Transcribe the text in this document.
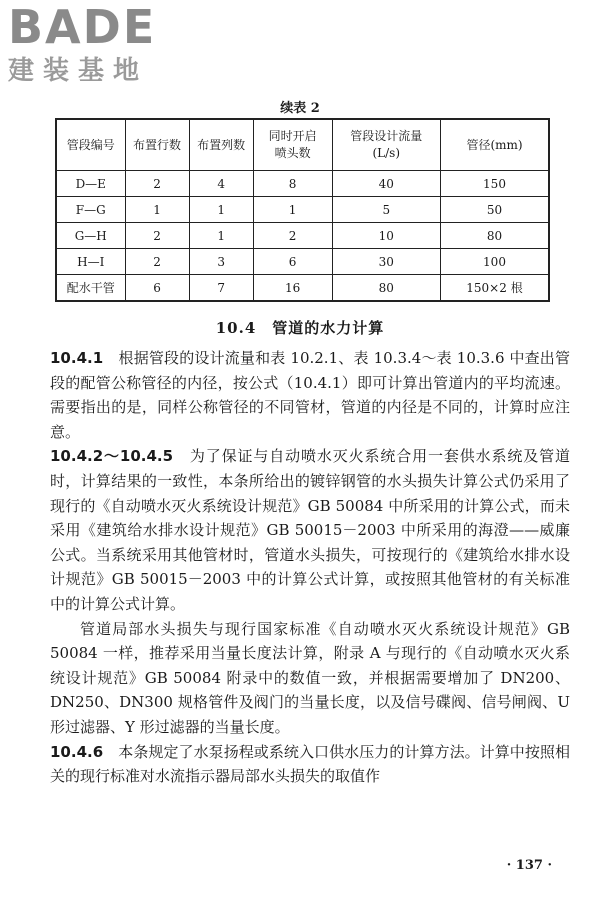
BADE
建装基地
续表 2
管段编号	布置行数	布置列数	同时开启喷头数	管段设计流量(L/s)	管径(mm)
D—E	2	4	8	40	150
F—G	1	1	1	5	50
G—H	2	1	2	10	80
H—I	2	3	6	30	100
配水干管	6	7	16	80	150×2 根
10.4　管道的水力计算

10.4.1　 根据管段的设计流量和表 10.2.1、表 10.3.4～表 10.3.6 中查出管段的配管公称管径的内径，按公式（10.4.1）即可计算出管道内的平均流速。需要指出的是，同样公称管径的不同管材，管道的内径是不同的，计算时应注意。

10.4.2～10.4.5　 为了保证与自动喷水灭火系统合用一套供水系统及管道时，计算结果的一致性，本条所给出的镀锌钢管的水头损失计算公式仍采用了现行的《自动喷水灭火系统设计规范》GB 50084 中所采用的计算公式，而未采用《建筑给水排水设计规范》GB 50015－2003 中所采用的海澄——威廉公式。当系统采用其他管材时，管道水头损失，可按现行的《建筑给水排水设计规范》GB 50015－2003 中的计算公式计算，或按照其他管材的有关标准中的计算公式计算。

管道局部水头损失与现行国家标准《自动喷水灭火系统设计规范》GB 50084 一样，推荐采用当量长度法计算，附录 A 与现行的《自动喷水灭火系统设计规范》GB 50084 附录中的数值一致，并根据需要增加了 DN200、DN250、DN300 规格管件及阀门的当量长度，以及信号碟阀、信号闸阀、U 形过滤器、Y 形过滤器的当量长度。

10.4.6　 本条规定了水泵扬程或系统入口供水压力的计算方法。计算中按照相关的现行标准对水流指示器局部水头损失的取值作

· 137 ·
